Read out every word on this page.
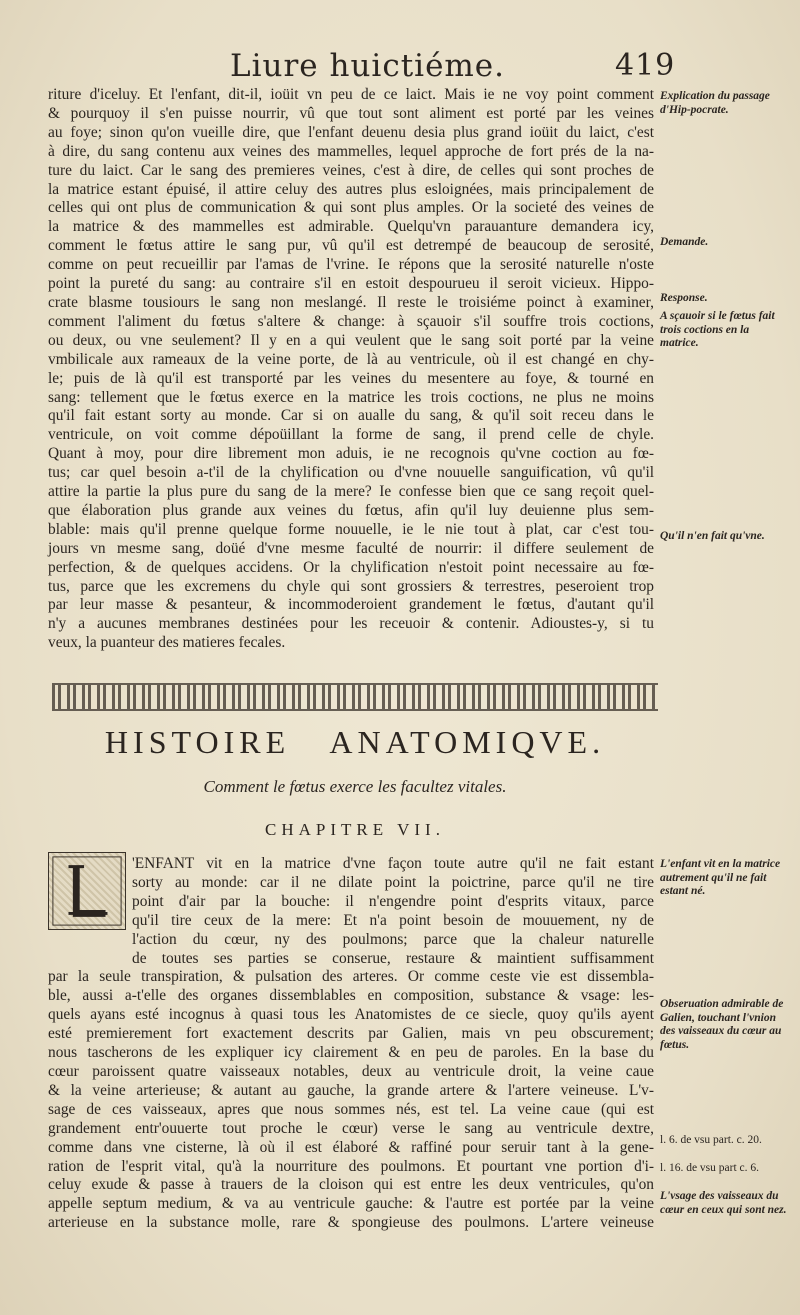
Liure huictiéme.	419
riture d'iceluy. Et l'enfant, dit-il, ioüit vn peu de ce laict. Mais ie ne voy point comment
& pourquoy il s'en puisse nourrir, vû que tout sont aliment est porté par les veines
au foye; sinon qu'on vueille dire, que l'enfant deuenu desia plus grand ioüit du laict, c'est
à dire, du sang contenu aux veines des mammelles, lequel approche de fort prés de la na-
ture du laict. Car le sang des premieres veines, c'est à dire, de celles qui sont proches de
la matrice estant épuisé, il attire celuy des autres plus esloignées, mais principalement de
celles qui ont plus de communication & qui sont plus amples. Or la societé des veines de
la matrice & des mammelles est admirable. Quelqu'vn parauanture demandera icy,
comment le fœtus attire le sang pur, vû qu'il est detrempé de beaucoup de serosité,
comme on peut recueillir par l'amas de l'vrine. Ie répons que la serosité naturelle n'oste
point la pureté du sang: au contraire s'il en estoit despourueu il seroit vicieux. Hippo-
crate blasme tousiours le sang non meslangé. Il reste le troisiéme poinct à examiner,
comment l'aliment du fœtus s'altere & change: à sçauoir s'il souffre trois coctions,
ou deux, ou vne seulement? Il y en a qui veulent que le sang soit porté par la veine
vmbilicale aux rameaux de la veine porte, de là au ventricule, où il est changé en chy-
le; puis de là qu'il est transporté par les veines du mesentere au foye, & tourné en
sang: tellement que le fœtus exerce en la matrice les trois coctions, ne plus ne moins
qu'il fait estant sorty au monde. Car si on aualle du sang, & qu'il soit receu dans le
ventricule, on voit comme dépoüillant la forme de sang, il prend celle de chyle.
Quant à moy, pour dire librement mon aduis, ie ne recognois qu'vne coction au fœ-
tus; car quel besoin a-t'il de la chylification ou d'vne nouuelle sanguification, vû qu'il
attire la partie la plus pure du sang de la mere? Ie confesse bien que ce sang reçoit quel-
que élaboration plus grande aux veines du fœtus, afin qu'il luy deuienne plus sem-
blable: mais qu'il prenne quelque forme nouuelle, ie le nie tout à plat, car c'est tou-
jours vn mesme sang, doüé d'vne mesme faculté de nourrir: il differe seulement de
perfection, & de quelques accidens. Or la chylification n'estoit point necessaire au fœ-
tus, parce que les excremens du chyle qui sont grossiers & terrestres, peseroient trop
par leur masse & pesanteur, & incommoderoient grandement le fœtus, d'autant qu'il
n'y a aucunes membranes destinées pour les receuoir & contenir. Adioustes-y, si tu
veux, la puanteur des matieres fecales.
Explication du passage d'Hip-pocrate.
Demande.
Response.
A sçauoir si le fœtus fait trois coctions en la matrice.
Qu'il n'en fait qu'vne.
HISTOIRE ANATOMIQVE.
Comment le fœtus exerce les facultez vitales.
CHAPITRE VII.
'ENFANT vit en la matrice d'vne façon toute autre qu'il ne fait estant
sorty au monde: car il ne dilate point la poictrine, parce qu'il ne tire
point d'air par la bouche: il n'engendre point d'esprits vitaux, parce
qu'il tire ceux de la mere: Et n'a point besoin de mouuement, ny de
l'action du cœur, ny des poulmons; parce que la chaleur naturelle
de toutes ses parties se conserue, restaure & maintient suffisamment
par la seule transpiration, & pulsation des arteres. Or comme ceste vie est dissembla-
ble, aussi a-t'elle des organes dissemblables en composition, substance & vsage: les-
quels ayans esté incognus à quasi tous les Anatomistes de ce siecle, quoy qu'ils ayent
esté premierement fort exactement descrits par Galien, mais vn peu obscurement;
nous tascherons de les expliquer icy clairement & en peu de paroles. En la base du
cœur paroissent quatre vaisseaux notables, deux au ventricule droit, la veine caue
& la veine arterieuse; & autant au gauche, la grande artere & l'artere veineuse. L'v-
sage de ces vaisseaux, apres que nous sommes nés, est tel. La veine caue (qui est
grandement entr'ouuerte tout proche le cœur) verse le sang au ventricule dextre,
comme dans vne cisterne, là où il est élaboré & raffiné pour seruir tant à la gene-
ration de l'esprit vital, qu'à la nourriture des poulmons. Et pourtant vne portion d'i-
celuy exude & passe à trauers de la cloison qui est entre les deux ventricules, qu'on
appelle septum medium, & va au ventricule gauche: & l'autre est portée par la veine
arterieuse en la substance molle, rare & spongieuse des poulmons. L'artere veineuse
L'enfant vit en la matrice autrement qu'il ne fait estant né.
Obseruation admirable de Galien, touchant l'vnion des vaisseaux du cœur au fœtus.
l. 6. de vsu part. c. 20.
l. 16. de vsu part c. 6.
L'vsage des vaisseaux du cœur en ceux qui sont nez.
